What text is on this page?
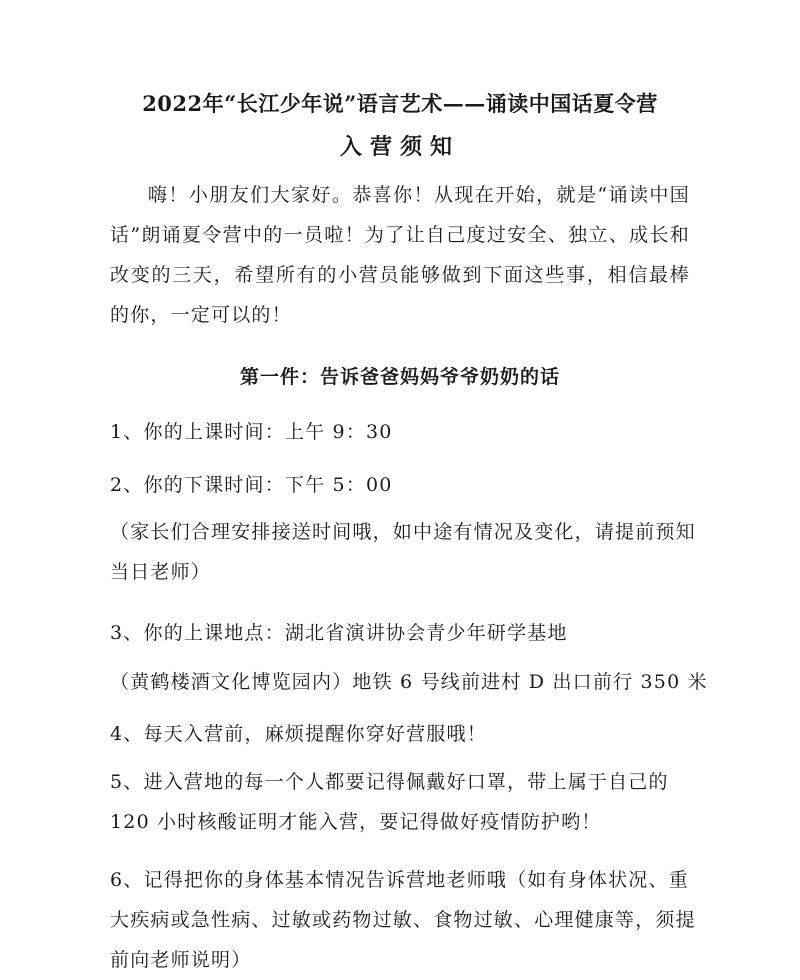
2022年“长江少年说”语言艺术——诵读中国话夏令营
入营须知
嗨！小朋友们大家好。恭喜你！从现在开始，就是“诵读中国话”朗诵夏令营中的一员啦！为了让自己度过安全、独立、成长和改变的三天，希望所有的小营员能够做到下面这些事，相信最棒的你，一定可以的！
第一件：告诉爸爸妈妈爷爷奶奶的话
1、你的上课时间：上午 9：30
2、你的下课时间：下午 5：00
（家长们合理安排接送时间哦，如中途有情况及变化，请提前预知当日老师）
3、你的上课地点：湖北省演讲协会青少年研学基地
（黄鹤楼酒文化博览园内）地铁 6 号线前进村 D 出口前行 350 米
4、每天入营前，麻烦提醒你穿好营服哦！
5、进入营地的每一个人都要记得佩戴好口罩，带上属于自己的 120 小时核酸证明才能入营，要记得做好疫情防护哟！
6、记得把你的身体基本情况告诉营地老师哦（如有身体状况、重大疾病或急性病、过敏或药物过敏、食物过敏、心理健康等，须提前向老师说明）
